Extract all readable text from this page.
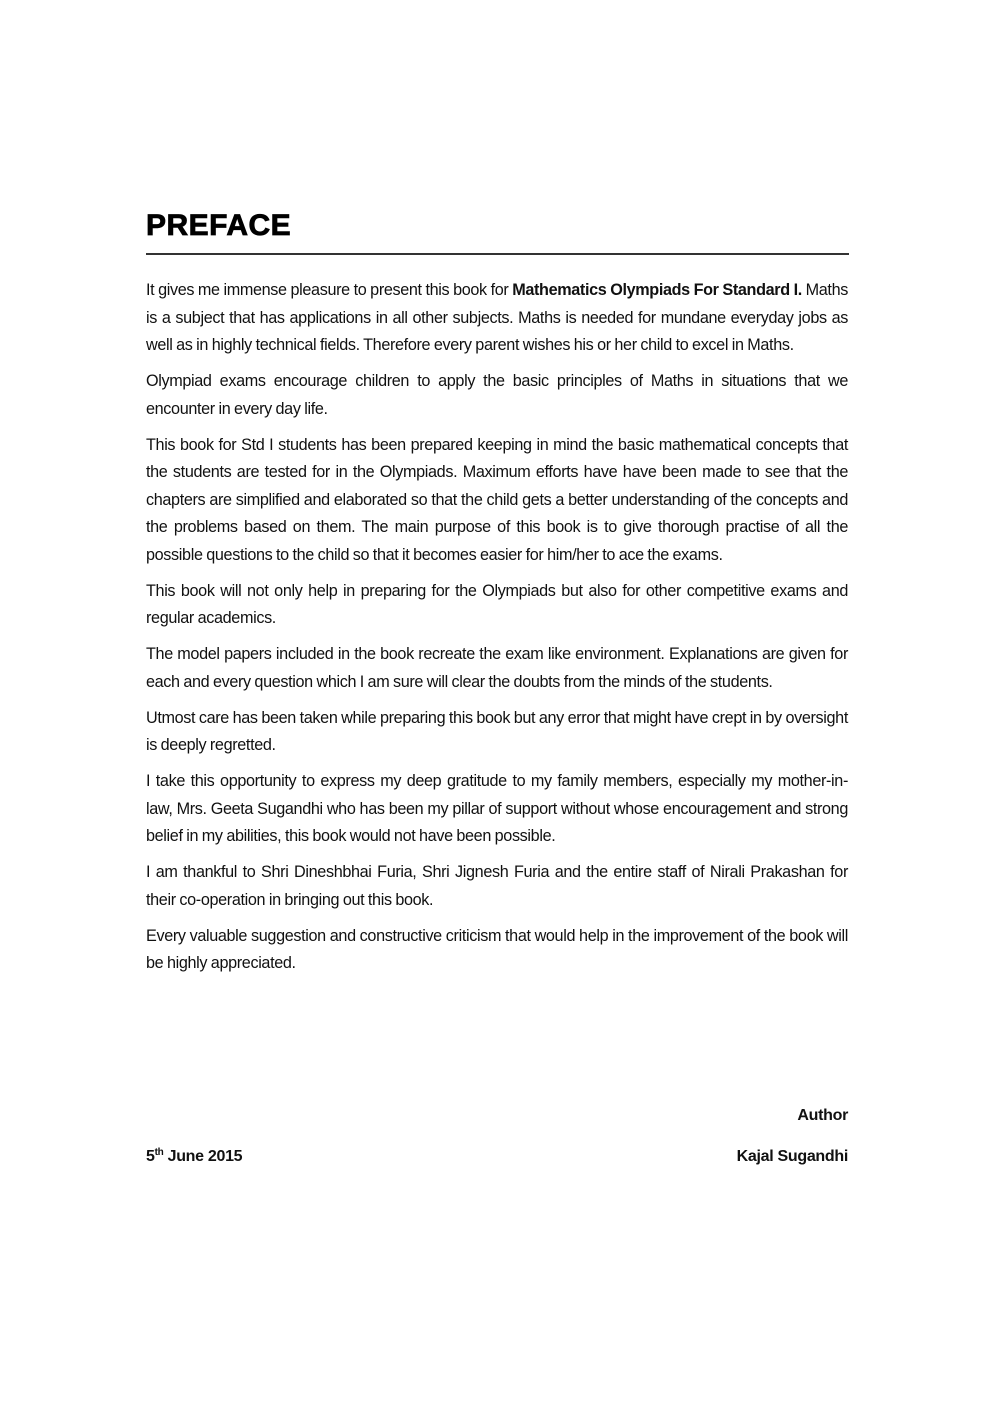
PREFACE

It gives me immense pleasure to present this book for Mathematics Olympiads For Standard I. Maths is a subject that has applications in all other subjects. Maths is needed for mundane everyday jobs as well as in highly technical fields. Therefore every parent wishes his or her child to excel in Maths.

Olympiad exams encourage children to apply the basic principles of Maths in situations that we encounter in every day life.

This book for Std I students has been prepared keeping in mind the basic mathematical concepts that the students are tested for in the Olympiads. Maximum efforts have have been made to see that the chapters are simplified and elaborated so that the child gets a better understanding of the concepts and the problems based on them. The main purpose of this book is to give thorough practise of all the possible questions to the child so that it becomes easier for him/her to ace the exams.

This book will not only help in preparing for the Olympiads but also for other competitive exams and regular academics.

The model papers included in the book recreate the exam like environment. Explanations are given for each and every question which I am sure will clear the doubts from the minds of the students.

Utmost care has been taken while preparing this book but any error that might have crept in by oversight is deeply regretted.

I take this opportunity to express my deep gratitude to my family members, especially my mother-in- law, Mrs. Geeta Sugandhi who has been my pillar of support without whose encouragement and strong belief in my abilities, this book would not have been possible.

I am thankful to Shri Dineshbhai Furia, Shri Jignesh Furia and the entire staff of Nirali Prakashan for their co-operation in bringing out this book.

Every valuable suggestion and constructive criticism that would help in the improvement of the book will be highly appreciated.

Author
5th June 2015	Kajal Sugandhi
